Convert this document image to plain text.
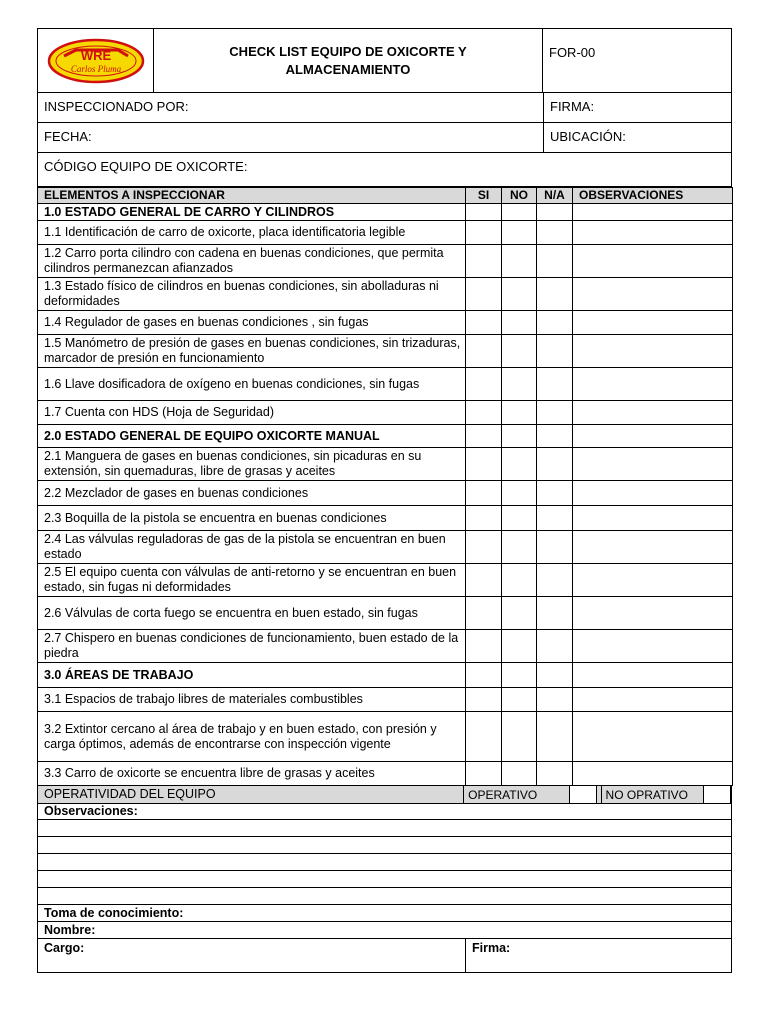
WRE
Carlos Pluma
CHECK LIST EQUIPO DE OXICORTE Y
ALMACENAMIENTO
FOR-00
INSPECCIONADO POR:	FIRMA:
FECHA:	UBICACIÓN:
CÓDIGO EQUIPO DE OXICORTE:
ELEMENTOS A INSPECCIONAR	SI	NO	N/A	OBSERVACIONES
1.0 ESTADO GENERAL DE CARRO Y CILINDROS				
1.1 Identificación de carro de oxicorte, placa identificatoria legible				
1.2 Carro porta cilindro con cadena en buenas condiciones, que permita cilindros permanezcan afianzados				
1.3 Estado físico de cilindros en buenas condiciones, sin abolladuras ni deformidades				
1.4 Regulador de gases en buenas condiciones , sin fugas				
1.5 Manómetro de presión de gases en buenas condiciones, sin trizaduras, marcador de presión en funcionamiento				
1.6 Llave dosificadora de oxígeno en buenas condiciones, sin fugas				
1.7 Cuenta con HDS (Hoja de Seguridad)				
2.0 ESTADO GENERAL DE EQUIPO OXICORTE MANUAL				
2.1 Manguera de gases en buenas condiciones, sin picaduras en su extensión, sin quemaduras, libre de grasas y aceites				
2.2 Mezclador de gases en buenas condiciones				
2.3 Boquilla de la pistola se encuentra en buenas condiciones				
2.4 Las válvulas reguladoras de gas de la pistola se encuentran en buen estado				
2.5 El equipo cuenta con válvulas de anti-retorno y se encuentran en buen estado, sin fugas ni deformidades				
2.6 Válvulas de corta fuego se encuentra en buen estado, sin fugas				
2.7 Chispero en buenas condiciones de funcionamiento, buen estado de la piedra				
3.0 ÁREAS DE TRABAJO				
3.1 Espacios de trabajo libres de materiales combustibles				
3.2 Extintor cercano al área de trabajo y en buen estado, con presión y carga óptimos, además de encontrarse con inspección vigente				
3.3 Carro de oxicorte se encuentra libre de grasas y aceites				
OPERATIVIDAD DEL EQUIPO	OPERATIVO	NO OPRATIVO
Observaciones:
Toma de conocimiento:
Nombre:
Cargo:	Firma:
